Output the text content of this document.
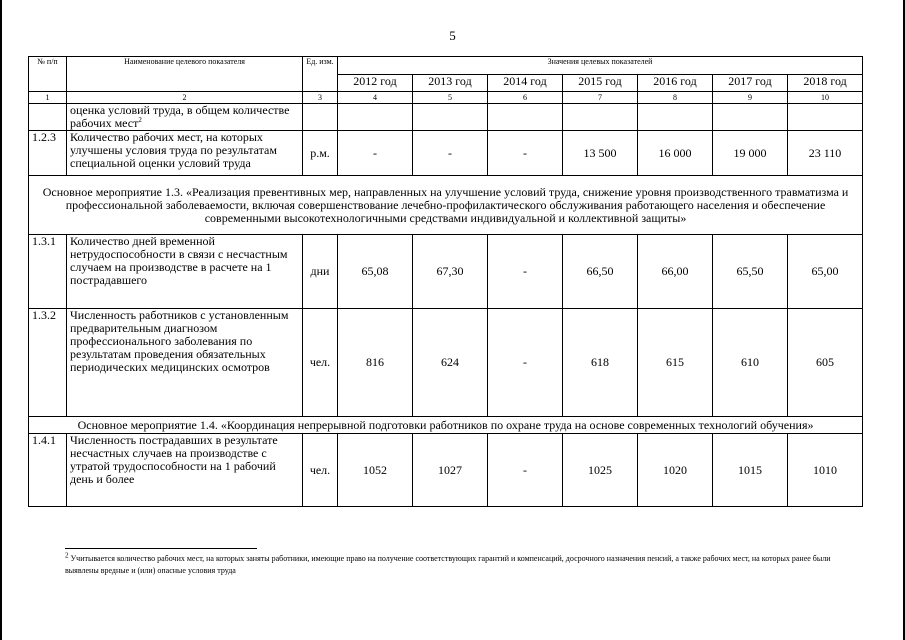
5
№ п/п	Наименование целевого показателя	Ед. изм.	Значения целевых показателей						
			2012 год	2013 год	2014 год	2015 год	2016 год	2017 год	2018 год
1	2	3	4	5	6	7	8	9	10
	оценка условий труда, в общем количестве рабочих мест$^2$								
1.2.3	Количество рабочих мест, на которых улучшены условия труда по результатам специальной оценки условий труда	р.м.	-	-	-	13 500	16 000	19 000	23 110
Основное мероприятие 1.3. «Реализация превентивных мер, направленных на улучшение условий труда, снижение уровня производственного травматизма и профессиональной заболеваемости, включая совершенствование лечебно-профилактического обслуживания работающего населения и обеспечение современными высокотехнологичными средствами индивидуальной и коллективной защиты»									
1.3.1	Количество дней временной нетрудоспособности в связи с несчастным случаем на производстве в расчете на 1 пострадавшего	дни	65,08	67,30	-	66,50	66,00	65,50	65,00
1.3.2	Численность работников с установленным предварительным диагнозом профессионального заболевания по результатам проведения обязательных периодических медицинских осмотров	чел.	816	624	-	618	615	610	605
Основное мероприятие 1.4. «Координация непрерывной подготовки работников по охране труда на основе современных технологий обучения»									
1.4.1	Численность пострадавших в результате несчастных случаев на производстве с утратой трудоспособности на 1 рабочий день и более	чел.	1052	1027	-	1025	1020	1015	1010
$^2$ Учитывается количество рабочих мест, на которых заняты работники, имеющие право на получение соответствующих гарантий и компенсаций, досрочного назначения пенсий, а также рабочих мест, на которых ранее были выявлены вредные и (или) опасные условия труда
